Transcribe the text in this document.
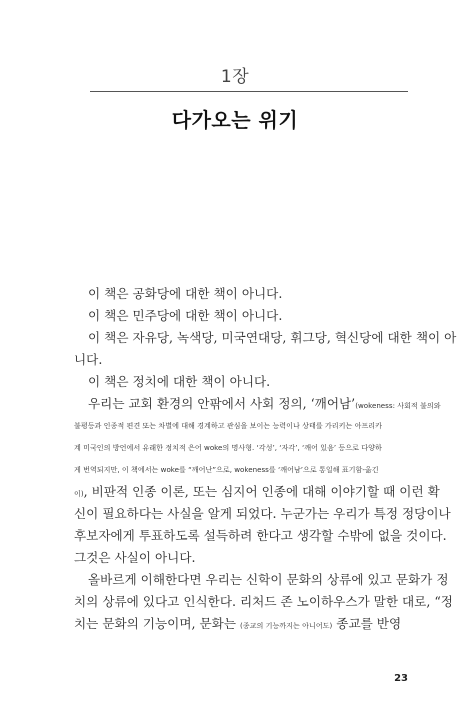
1장
다가오는 위기
이 책은 공화당에 대한 책이 아니다.
이 책은 민주당에 대한 책이 아니다.
이 책은 자유당, 녹색당, 미국연대당, 휘그당, 혁신당에 대한 책이 아
니다.
이 책은 정치에 대한 책이 아니다.
우리는 교회 환경의 안팎에서 사회 정의, ‘깨어남’(wokeness: 사회적 불의와
불평등과 인종적 편견 또는 차별에 대해 경계하고 관심을 보이는 능력이나 상태를 가리키는 아프리카
계 미국인의 방언에서 유래한 정치적 은어 woke의 명사형. ‘각성’, ‘자각’, ‘깨어 있음’ 등으로 다양하
게 번역되지만, 이 책에서는 woke를 “깨어난”으로, wokeness를 ‘깨어남’으로 통일해 표기함-옮긴
이), 비판적 인종 이론, 또는 심지어 인종에 대해 이야기할 때 이런 확
신이 필요하다는 사실을 알게 되었다. 누군가는 우리가 특정 정당이나
후보자에게 투표하도록 설득하려 한다고 생각할 수밖에 없을 것이다.
그것은 사실이 아니다.
올바르게 이해한다면 우리는 신학이 문화의 상류에 있고 문화가 정
치의 상류에 있다고 인식한다. 리처드 존 노이하우스가 말한 대로, “정
치는 문화의 기능이며, 문화는 (종교의 기능까지는 아니어도) 종교를 반영
23
